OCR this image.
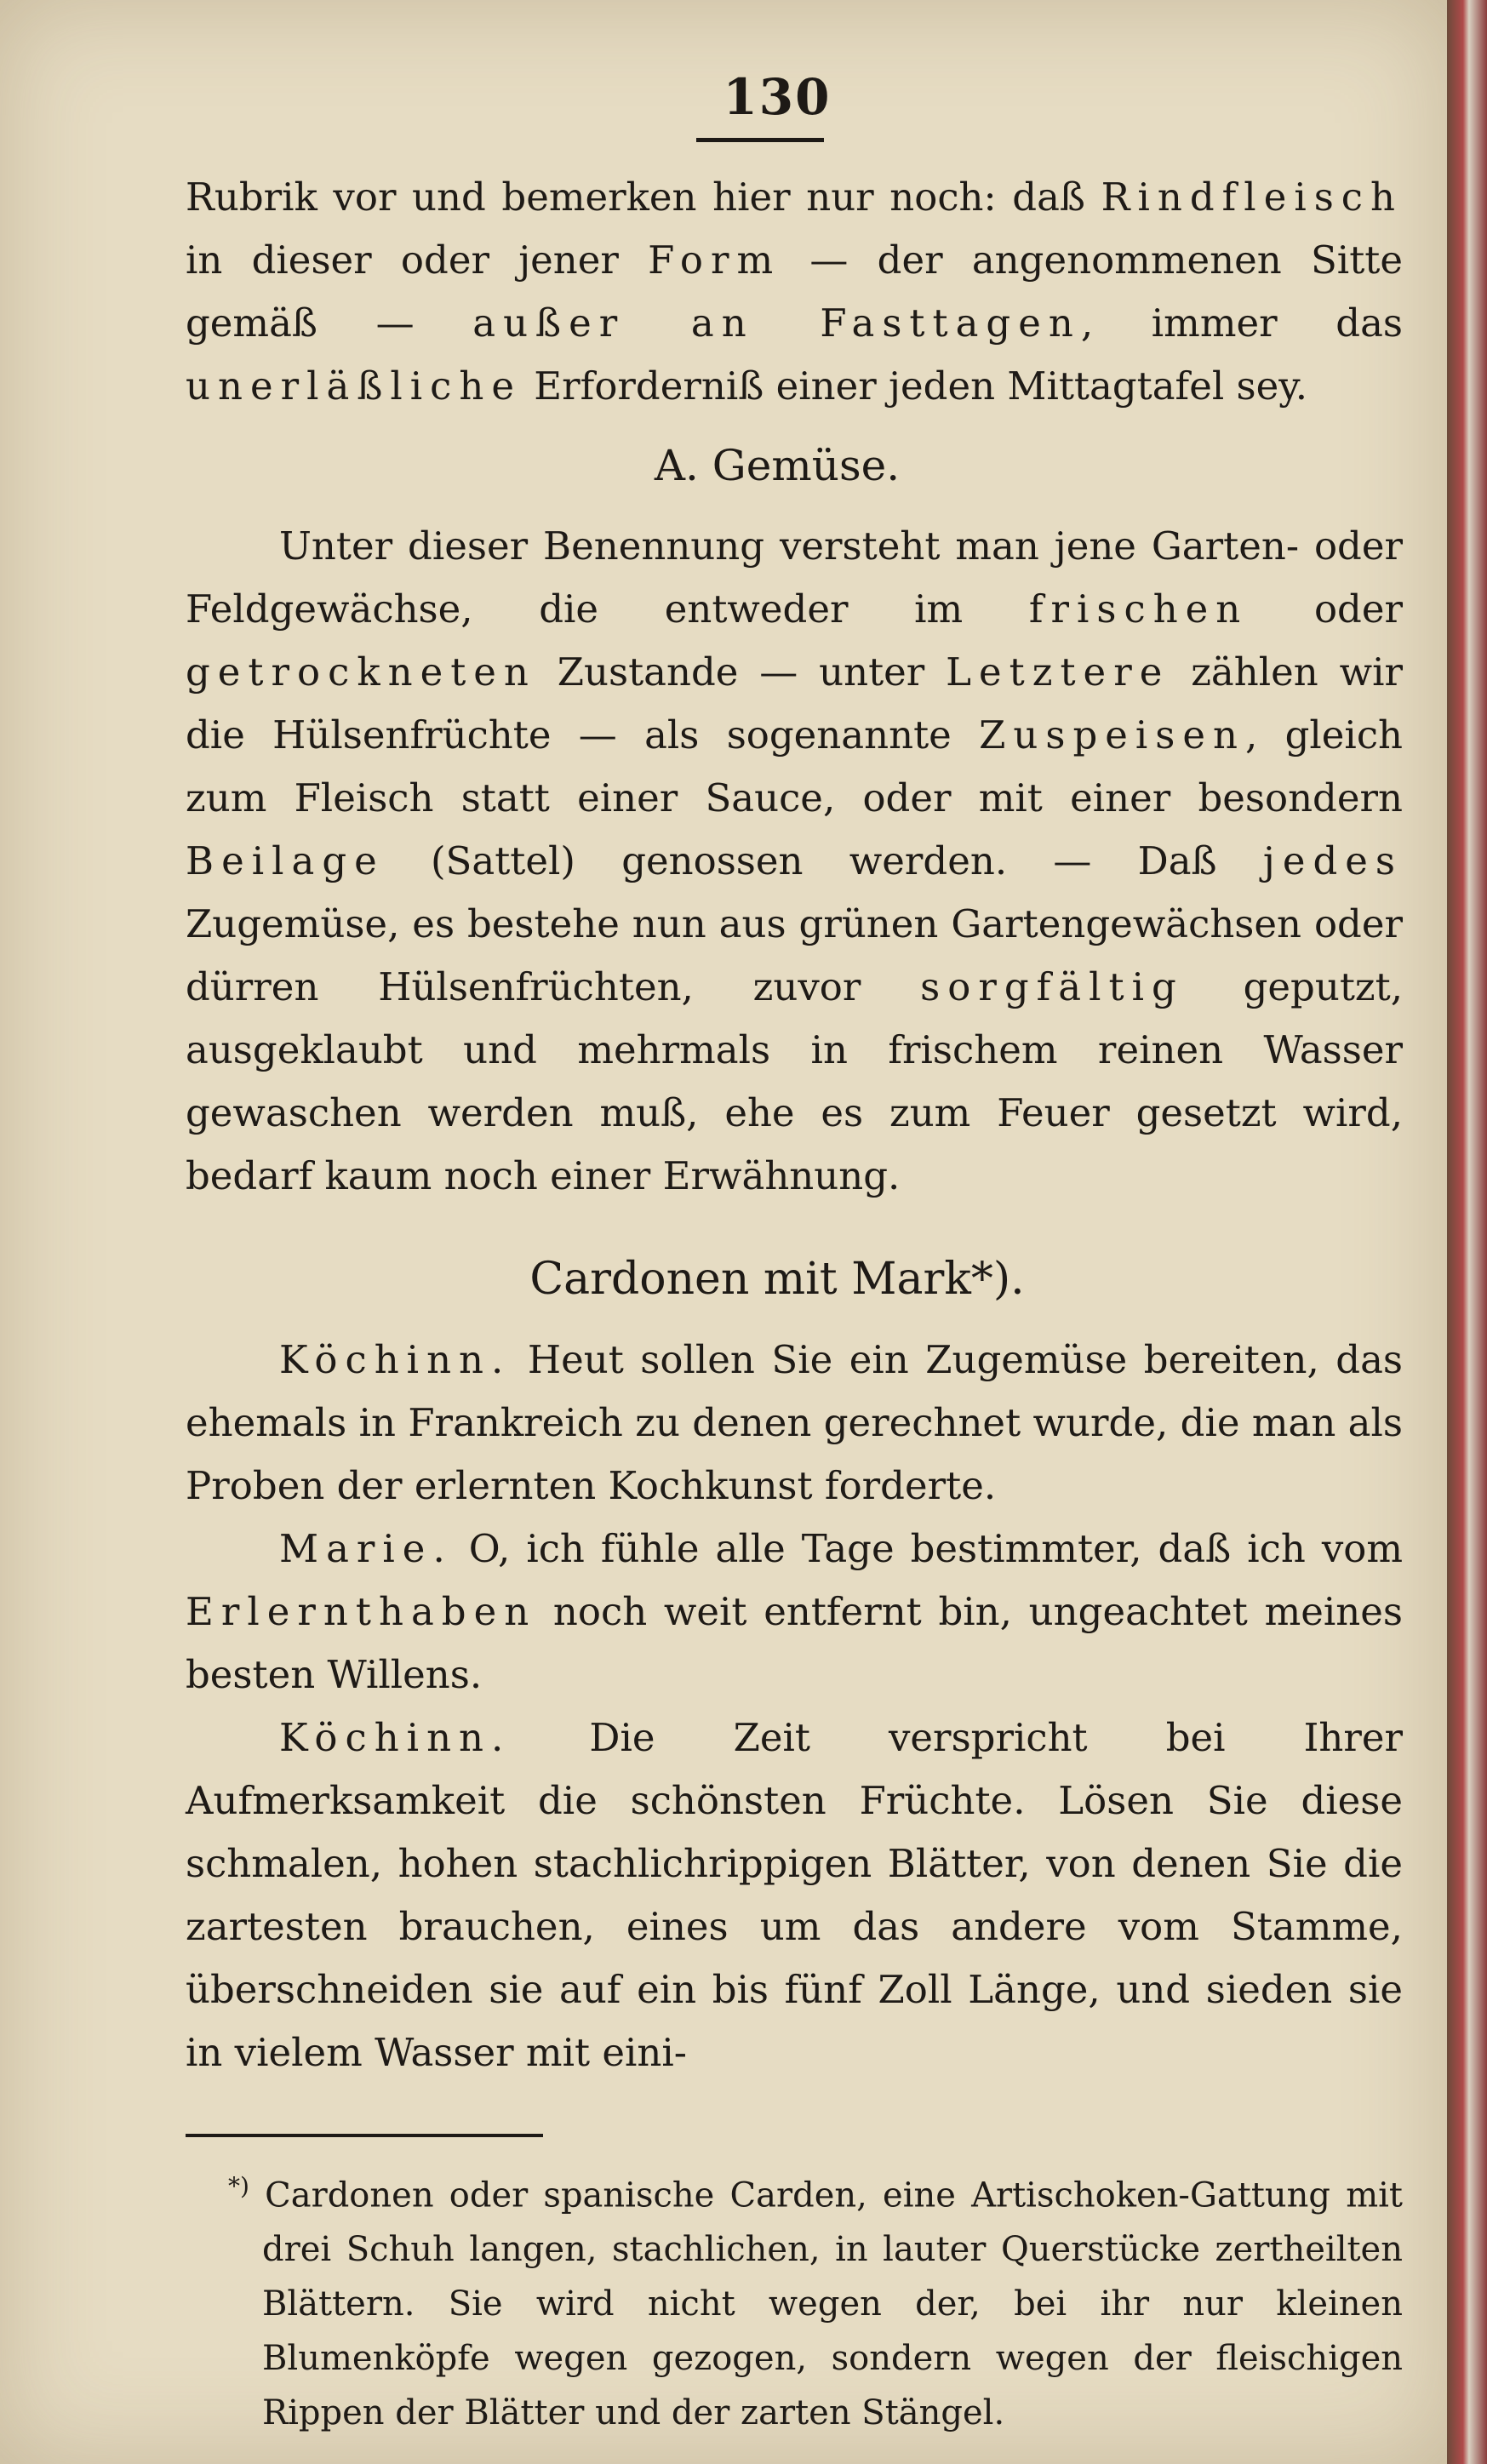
130

Rubrik vor und bemerken hier nur noch: daß Rindfleisch in dieser oder jener Form — der angenommenen Sitte gemäß — außer an Fasttagen, immer das unerläßliche Erforderniß einer jeden Mittagtafel sey.

A. Gemüse.

Unter dieser Benennung versteht man jene Garten- oder Feldgewächse, die entweder im frischen oder getrockneten Zustande — unter Letztere zählen wir die Hülsenfrüchte — als sogenannte Zuspeisen, gleich zum Fleisch statt einer Sauce, oder mit einer besondern Beilage (Sattel) genossen werden. — Daß jedes Zugemüse, es bestehe nun aus grünen Gartengewächsen oder dürren Hülsenfrüchten, zuvor sorgfältig geputzt, ausgeklaubt und mehrmals in frischem reinen Wasser gewaschen werden muß, ehe es zum Feuer gesetzt wird, bedarf kaum noch einer Erwähnung.

Cardonen mit Mark*).

Köchinn. Heut sollen Sie ein Zugemüse bereiten, das ehemals in Frankreich zu denen gerechnet wurde, die man als Proben der erlernten Kochkunst forderte.

Marie. O, ich fühle alle Tage bestimmter, daß ich vom Erlernthaben noch weit entfernt bin, ungeachtet meines besten Willens.

Köchinn. Die Zeit verspricht bei Ihrer Aufmerksamkeit die schönsten Früchte. Lösen Sie diese schmalen, hohen stachlichrippigen Blätter, von denen Sie die zartesten brauchen, eines um das andere vom Stamme, überschneiden sie auf ein bis fünf Zoll Länge, und sieden sie in vielem Wasser mit eini-

*) Cardonen oder spanische Carden, eine Artischoken-Gattung mit drei Schuh langen, stachlichen, in lauter Querstücke zertheilten Blättern. Sie wird nicht wegen der, bei ihr nur kleinen Blumenköpfe wegen gezogen, sondern wegen der fleischigen Rippen der Blätter und der zarten Stängel.
